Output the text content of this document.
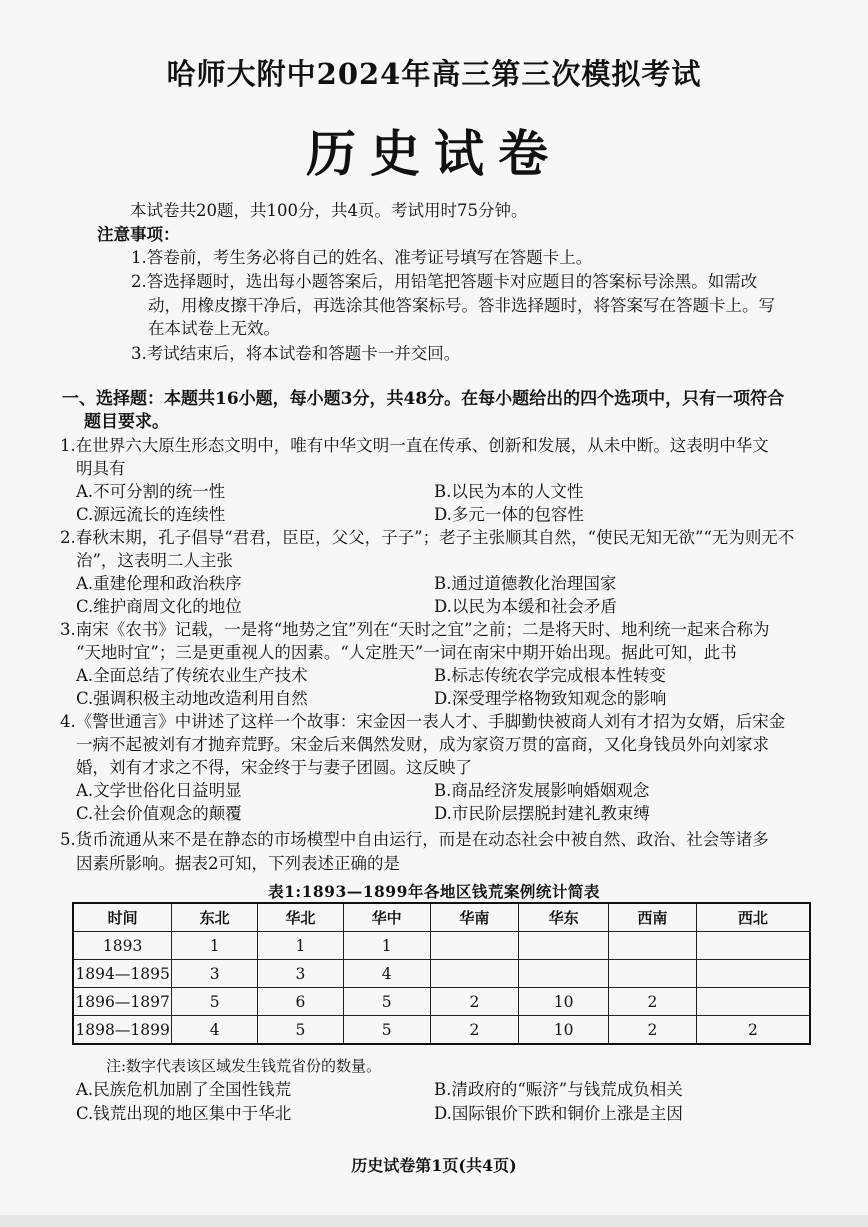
哈师大附中2024年高三第三次模拟考试
历史试卷
本试卷共20题，共100分，共4页。考试用时75分钟。
注意事项：
1.答卷前，考生务必将自己的姓名、准考证号填写在答题卡上。
2.答选择题时，选出每小题答案后，用铅笔把答题卡对应题目的答案标号涂黑。如需改
动，用橡皮擦干净后，再选涂其他答案标号。答非选择题时，将答案写在答题卡上。写
在本试卷上无效。
3.考试结束后，将本试卷和答题卡一并交回。
一、选择题：本题共16小题，每小题3分，共48分。在每小题给出的四个选项中，只有一项符合
题目要求。
1.在世界六大原生形态文明中，唯有中华文明一直在传承、创新和发展，从未中断。这表明中华文
明具有
A.不可分割的统一性	B.以民为本的人文性
C.源远流长的连续性	D.多元一体的包容性
2.春秋末期，孔子倡导“君君，臣臣，父父，子子”；老子主张顺其自然，“使民无知无欲”“无为则无不
治”，这表明二人主张
A.重建伦理和政治秩序	B.通过道德教化治理国家
C.维护商周文化的地位	D.以民为本缓和社会矛盾
3.南宋《农书》记载，一是将“地势之宜”列在“天时之宜”之前；二是将天时、地利统一起来合称为
“天地时宜”；三是更重视人的因素。“人定胜天”一词在南宋中期开始出现。据此可知，此书
A.全面总结了传统农业生产技术	B.标志传统农学完成根本性转变
C.强调积极主动地改造利用自然	D.深受理学格物致知观念的影响
4.《警世通言》中讲述了这样一个故事：宋金因一表人才、手脚勤快被商人刘有才招为女婿，后宋金
一病不起被刘有才抛弃荒野。宋金后来偶然发财，成为家资万贯的富商，又化身钱员外向刘家求
婚，刘有才求之不得，宋金终于与妻子团圆。这反映了
A.文学世俗化日益明显	B.商品经济发展影响婚姻观念
C.社会价值观念的颠覆	D.市民阶层摆脱封建礼教束缚
5.货币流通从来不是在静态的市场模型中自由运行，而是在动态社会中被自然、政治、社会等诸多
因素所影响。据表2可知，下列表述正确的是
表1:1893—1899年各地区钱荒案例统计简表
时间	东北	华北	华中	华南	华东	西南	西北
1893	1	1	1				
1894—1895	3	3	4				
1896—1897	5	6	5	2	10	2	
1898—1899	4	5	5	2	10	2	2
注:数字代表该区域发生钱荒省份的数量。
A.民族危机加剧了全国性钱荒	B.清政府的“赈济”与钱荒成负相关
C.钱荒出现的地区集中于华北	D.国际银价下跌和铜价上涨是主因
历史试卷第1页(共4页)
